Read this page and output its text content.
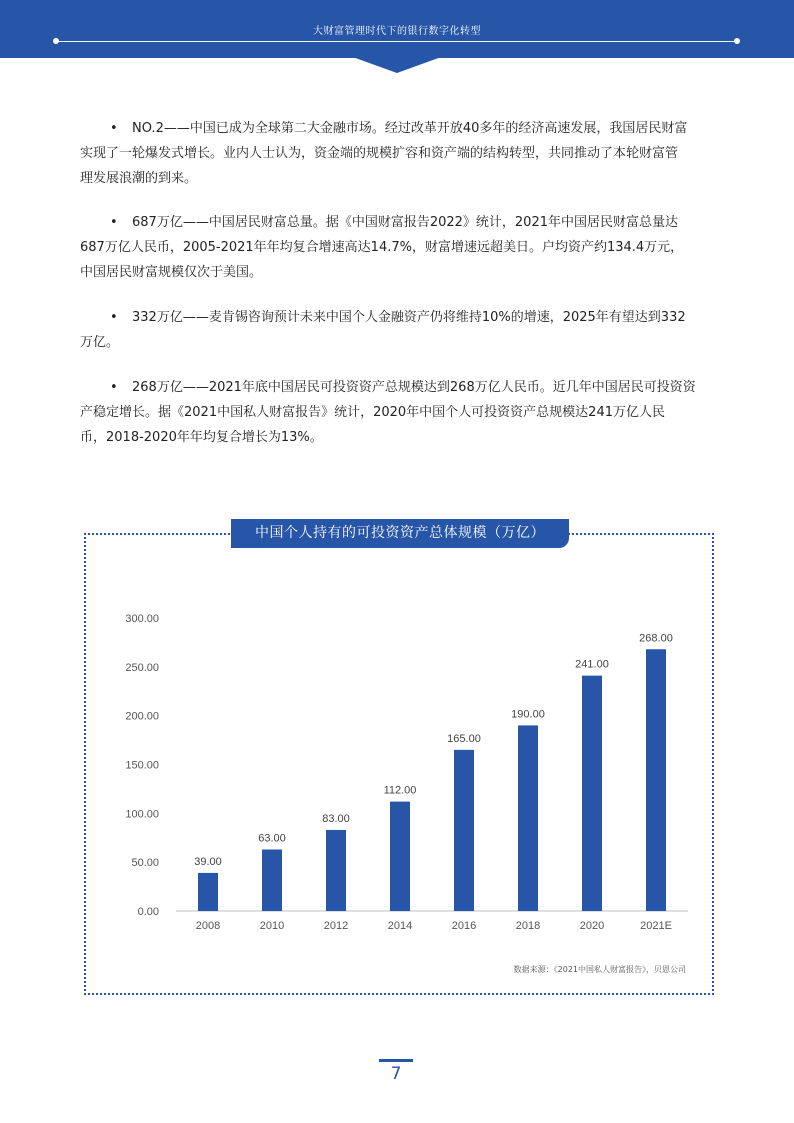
大财富管理时代下的银行数字化转型
• NO.2——中国已成为全球第二大金融市场。经过改革开放40多年的经济高速发展，我国居民财富
实现了一轮爆发式增长。业内人士认为，资金端的规模扩容和资产端的结构转型，共同推动了本轮财富管
理发展浪潮的到来。
• 687万亿——中国居民财富总量。据《中国财富报告2022》统计，2021年中国居民财富总量达
687万亿人民币，2005-2021年年均复合增速高达14.7%，财富增速远超美日。户均资产约134.4万元，
中国居民财富规模仅次于美国。
• 332万亿——麦肯锡咨询预计未来中国个人金融资产仍将维持10%的增速，2025年有望达到332
万亿。
• 268万亿——2021年底中国居民可投资资产总规模达到268万亿人民币。近几年中国居民可投资资
产稳定增长。据《2021中国私人财富报告》统计，2020年中国个人可投资资产总规模达241万亿人民
币，2018-2020年年均复合增长为13%。
中国个人持有的可投资资产总体规模（万亿）
0.00
50.00
100.00
150.00
200.00
250.00
300.00
39.00
2008
63.00
2010
83.00
2012
112.00
2014
165.00
2016
190.00
2018
241.00
2020
268.00
2021E
数据来源：《2021中国私人财富报告》，贝恩公司
7
